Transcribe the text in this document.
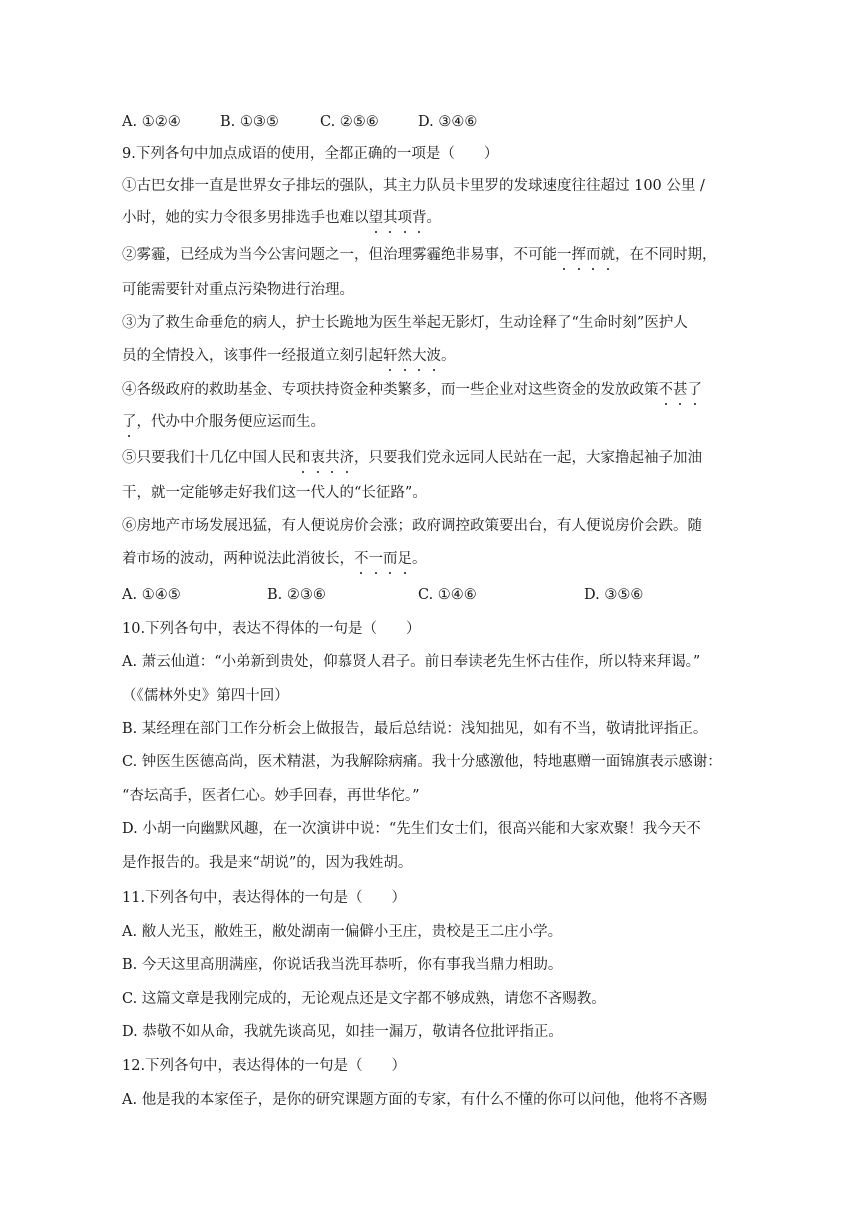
A. ①②④	B. ①③⑤	C. ②⑤⑥	D. ③④⑥
9.下列各句中加点成语的使用，全都正确的一项是（　　）
①古巴女排一直是世界女子排坛的强队，其主力队员卡里罗的发球速度往往超过 100 公里 /
小时，她的实力令很多男排选手也难以望其项背。
②雾霾，已经成为当今公害问题之一，但治理雾霾绝非易事，不可能一挥而就，在不同时期，
可能需要针对重点污染物进行治理。
③为了救生命垂危的病人，护士长跪地为医生举起无影灯，生动诠释了“生命时刻”医护人
员的全情投入，该事件一经报道立刻引起轩然大波。
④各级政府的救助基金、专项扶持资金种类繁多，而一些企业对这些资金的发放政策不甚了
了，代办中介服务便应运而生。
⑤只要我们十几亿中国人民和衷共济，只要我们党永远同人民站在一起，大家撸起袖子加油
干，就一定能够走好我们这一代人的“长征路”。
⑥房地产市场发展迅猛，有人便说房价会涨；政府调控政策要出台，有人便说房价会跌。随
着市场的波动，两种说法此消彼长，不一而足。
A. ①④⑤	B. ②③⑥	C. ①④⑥	D. ③⑤⑥
10.下列各句中，表达不得体的一句是（　　）
A. 萧云仙道：“小弟新到贵处，仰慕贤人君子。前日奉读老先生怀古佳作，所以特来拜谒。”
（《儒林外史》第四十回）
B. 某经理在部门工作分析会上做报告，最后总结说：浅知拙见，如有不当，敬请批评指正。
C. 钟医生医德高尚，医术精湛，为我解除病痛。我十分感激他，特地惠赠一面锦旗表示感谢：
“杏坛高手，医者仁心。妙手回春，再世华佗。”
D. 小胡一向幽默风趣，在一次演讲中说：“先生们女士们，很高兴能和大家欢聚！我今天不
是作报告的。我是来“胡说”的，因为我姓胡。
11.下列各句中，表达得体的一句是（　　）
A. 敝人光玉，敝姓王，敝处湖南一偏僻小王庄，贵校是王二庄小学。
B. 今天这里高朋满座，你说话我当洗耳恭听，你有事我当鼎力相助。
C. 这篇文章是我刚完成的，无论观点还是文字都不够成熟，请您不吝赐教。
D. 恭敬不如从命，我就先谈高见，如挂一漏万，敬请各位批评指正。
12.下列各句中，表达得体的一句是（　　）
A. 他是我的本家侄子，是你的研究课题方面的专家，有什么不懂的你可以问他，他将不吝赐
